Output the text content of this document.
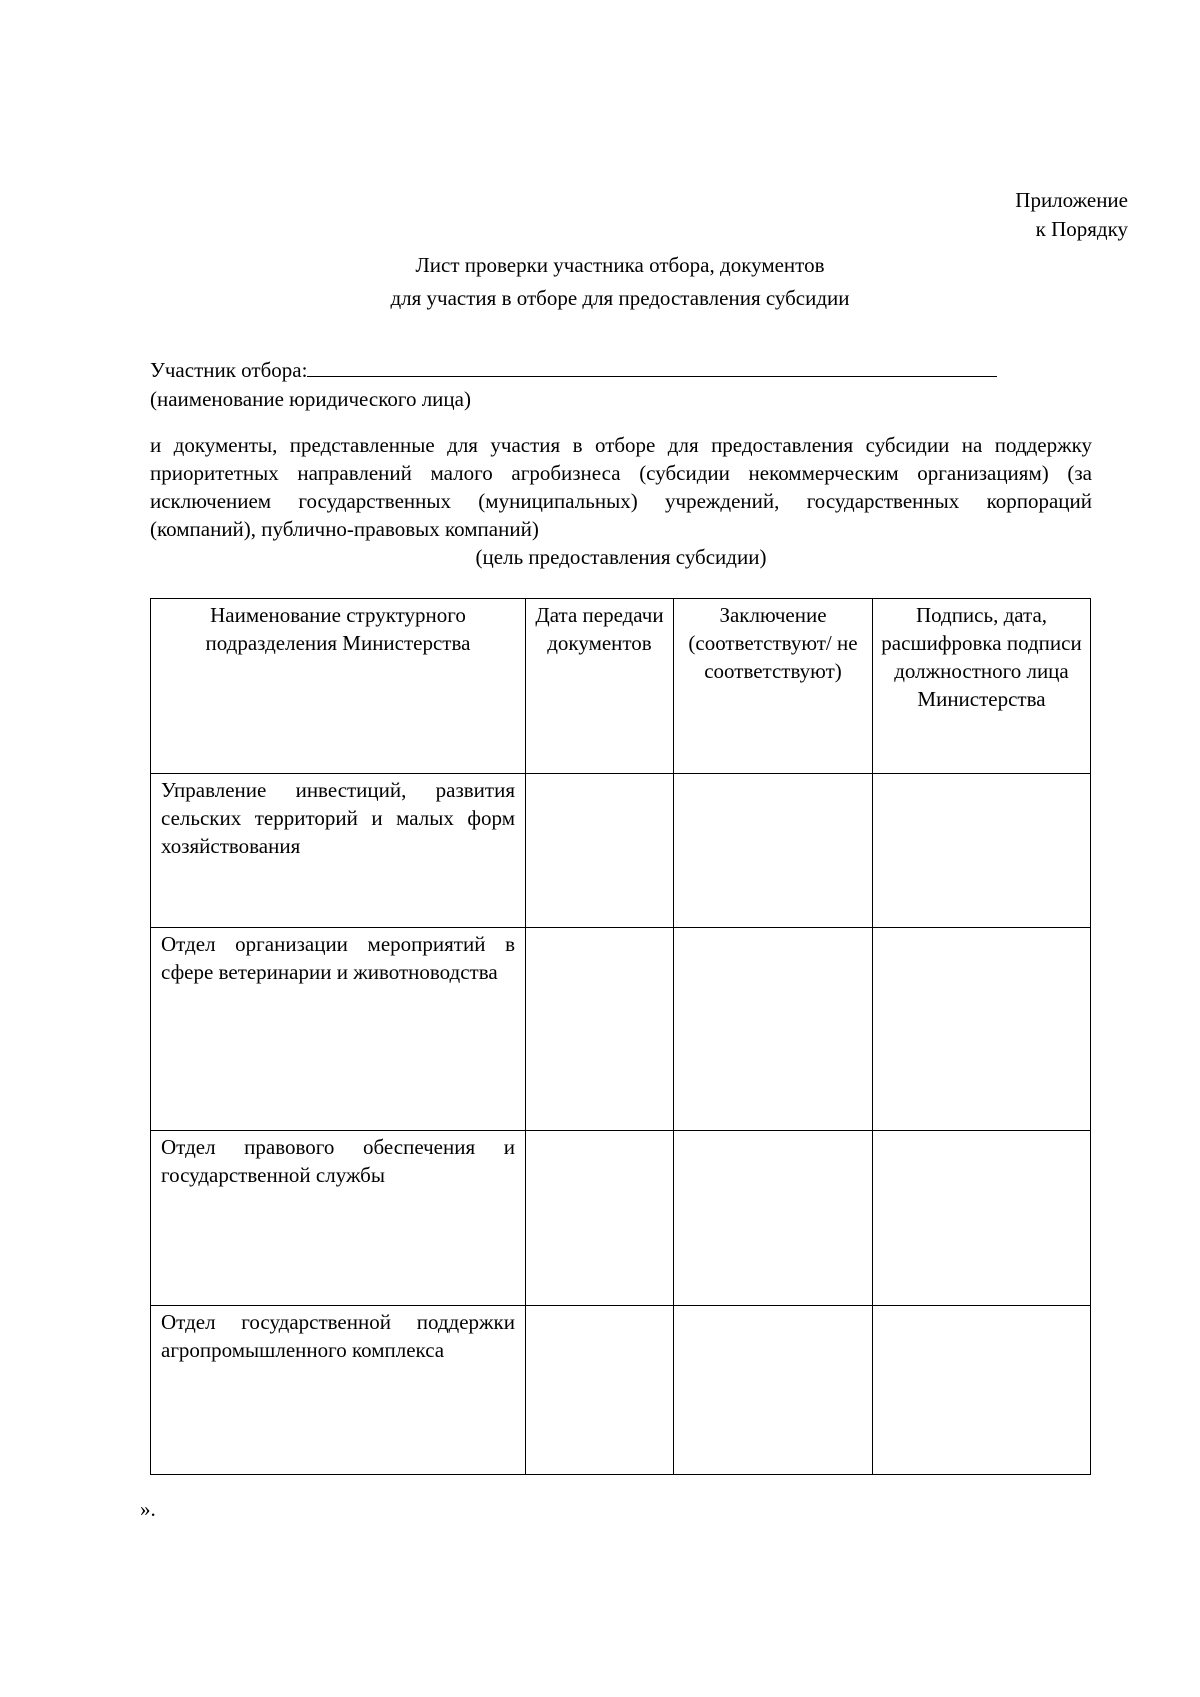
Приложение
к Порядку
Лист проверки участника отбора, документов
для участия в отборе для предоставления субсидии
Участник отбора:
(наименование юридического лица)
и документы, представленные для участия в отборе для предоставления субсидии на поддержку приоритетных направлений малого агробизнеса (субсидии некоммерческим организациям) (за исключением государственных (муниципальных) учреждений, государственных корпораций (компаний), публично-правовых компаний)
(цель предоставления субсидии)
Наименование структурного подразделения Министерства	Дата передачи документов	Заключение (соответствуют/ не соответствуют)	Подпись, дата, расшифровка подписи должностного лица Министерства
Управление инвестиций, развития сельских территорий и малых форм хозяйствования			
Отдел организации мероприятий в сфере ветеринарии и животноводства			
Отдел правового обеспечения и государственной службы			
Отдел государственной поддержки агропромышленного комплекса			
».
